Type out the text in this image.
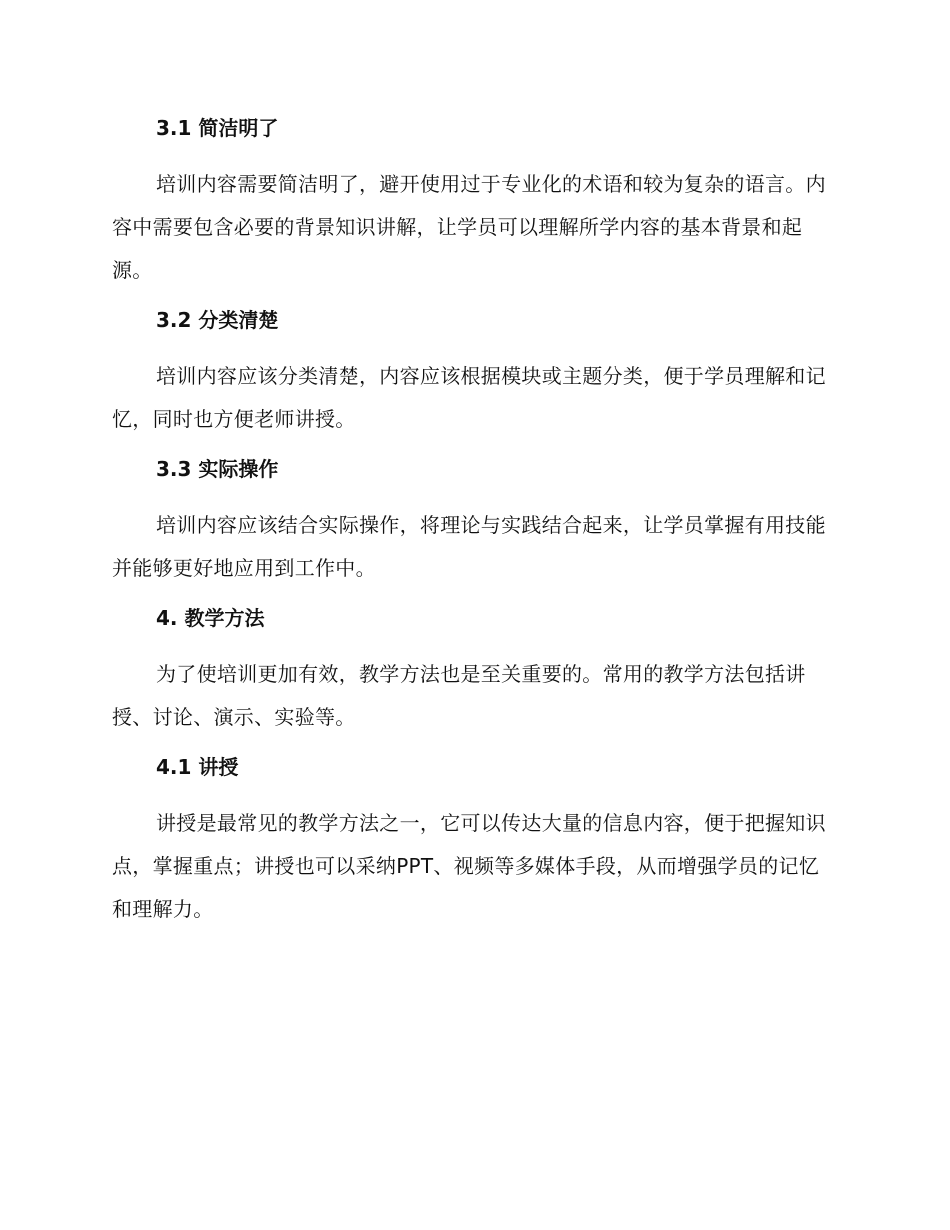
3.1 简洁明了

培训内容需要简洁明了，避开使用过于专业化的术语和较为复杂的语言。内容中需要包含必要的背景知识讲解，让学员可以理解所学内容的基本背景和起源。

3.2 分类清楚

培训内容应该分类清楚，内容应该根据模块或主题分类，便于学员理解和记忆，同时也方便老师讲授。

3.3 实际操作

培训内容应该结合实际操作，将理论与实践结合起来，让学员掌握有用技能并能够更好地应用到工作中。

4. 教学方法

为了使培训更加有效，教学方法也是至关重要的。常用的教学方法包括讲授、讨论、演示、实验等。

4.1 讲授

讲授是最常见的教学方法之一，它可以传达大量的信息内容，便于把握知识点，掌握重点；讲授也可以采纳PPT、视频等多媒体手段，从而增强学员的记忆和理解力。
